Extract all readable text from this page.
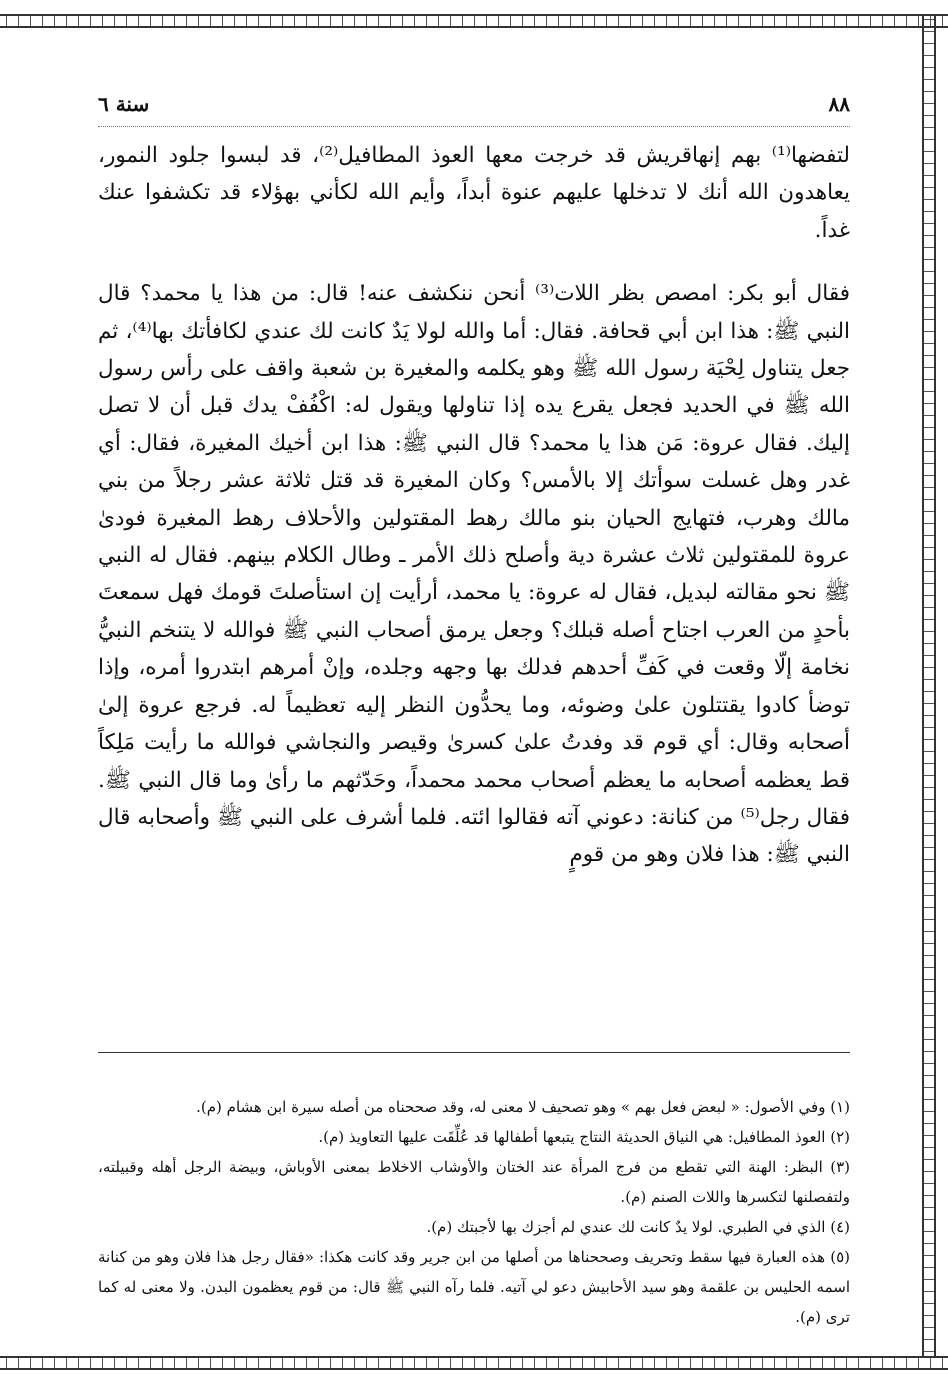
٨٨
سنة ٦

لتفضها⁽¹⁾ بهم إنهاقريش قد خرجت معها العوذ المطافيل⁽²⁾، قد لبسوا جلود النمور، يعاهدون الله أنك لا تدخلها عليهم عنوة أبداً، وأيم الله لكأني بهؤلاء قد تكشفوا عنك غداً.

فقال أبو بكر: امصص بظر اللات⁽³⁾ أنحن ننكشف عنه! قال: من هذا يا محمد؟ قال النبي ﷺ: هذا ابن أبي قحافة. فقال: أما والله لولا يَدٌ كانت لك عندي لكافأتك بها⁽⁴⁾، ثم جعل يتناول لِحْيَة رسول الله ﷺ وهو يكلمه والمغيرة بن شعبة واقف على رأس رسول الله ﷺ في الحديد فجعل يقرع يده إذا تناولها ويقول له: اكْفُفْ يدك قبل أن لا تصل إليك. فقال عروة: مَن هذا يا محمد؟ قال النبي ﷺ: هذا ابن أخيك المغيرة، فقال: أي غدر وهل غسلت سوأتك إلا بالأمس؟ وكان المغيرة قد قتل ثلاثة عشر رجلاً من بني مالك وهرب، فتهايج الحيان بنو مالك رهط المقتولين والأحلاف رهط المغيرة فودىٰ عروة للمقتولين ثلاث عشرة دية وأصلح ذلك الأمر ـ وطال الكلام بينهم. فقال له النبي ﷺ نحو مقالته لبديل، فقال له عروة: يا محمد، أرأيت إن استأصلتَ قومك فهل سمعتَ بأحدٍ من العرب اجتاح أصله قبلك؟ وجعل يرمق أصحاب النبي ﷺ فوالله لا يتنخم النبيُّ نخامة إلّا وقعت في كَفِّ أحدهم فدلك بها وجهه وجلده، وإنْ أمرهم ابتدروا أمره، وإذا توضأ كادوا يقتتلون علىٰ وضوئه، وما يحدُّون النظر إليه تعظيماً له. فرجع عروة إلىٰ أصحابه وقال: أي قوم قد وفدتُ علىٰ كسرىٰ وقيصر والنجاشي فوالله ما رأيت مَلِكاً قط يعظمه أصحابه ما يعظم أصحاب محمد محمداً، وحَدّثهم ما رأىٰ وما قال النبي ﷺ. فقال رجل⁽⁵⁾ من كنانة: دعوني آته فقالوا ائته. فلما أشرف على النبي ﷺ وأصحابه قال النبي ﷺ: هذا فلان وهو من قومٍ

(١) وفي الأصول: « لبعض فعل بهم » وهو تصحيف لا معنى له، وقد صححناه من أصله سيرة ابن هشام (م).

(٢) العوذ المطافيل: هي النياق الحديثة النتاج يتبعها أطفالها قد عُلِّقَت عليها التعاويذ (م).

(٣) البظر: الهنة التي تقطع من فرج المرأة عند الختان والأوشاب الاخلاط بمعنى الأوباش، وبيضة الرجل أهله وقبيلته، ولتفصلنها لتكسرها واللات الصنم (م).

(٤) الذي في الطبري. لولا يدٌ كانت لك عندي لم أجزك بها لأجبتك (م).

(٥) هذه العبارة فيها سقط وتحريف وصححناها من أصلها من ابن جرير وقد كانت هكذا: «فقال رجل هذا فلان وهو من كنانة اسمه الحليس بن علقمة وهو سيد الأحابيش دعو لي آتيه. فلما رآه النبي ﷺ قال: من قوم يعظمون البدن. ولا معنى له كما ترى (م).
